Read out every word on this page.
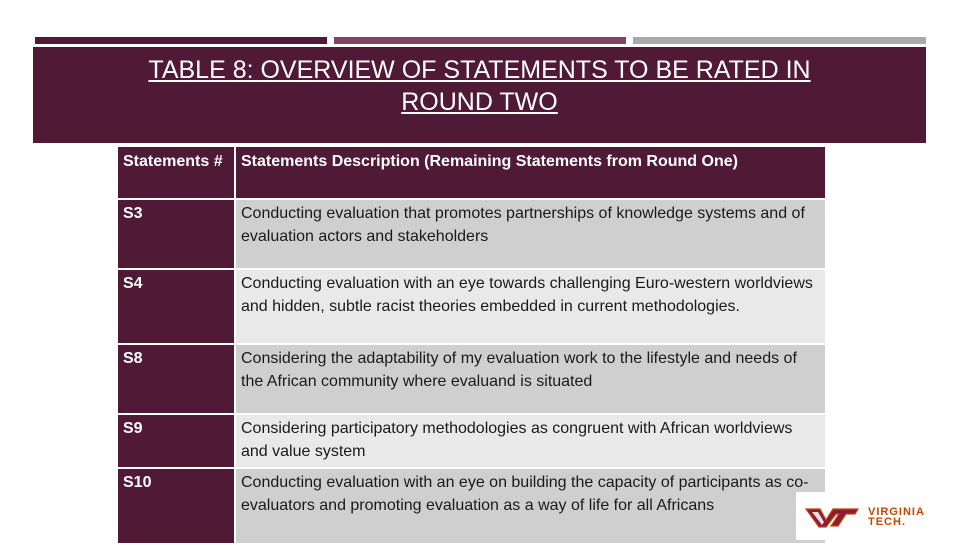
TABLE 8: OVERVIEW OF STATEMENTS TO BE RATED IN
ROUND TWO
Statements #	Statements Description (Remaining Statements from Round One)
S3	Conducting evaluation that promotes partnerships of knowledge systems and of evaluation actors and stakeholders
S4	Conducting evaluation with an eye towards challenging Euro-western worldviews and hidden, subtle racist theories embedded in current methodologies.
S8	Considering the adaptability of my evaluation work to the lifestyle and needs of the African community where evaluand is situated
S9	Considering participatory methodologies as congruent with African worldviews and value system
S10	Conducting evaluation with an eye on building the capacity of participants as co-evaluators and promoting evaluation as a way of life for all Africans	VIRGINIA
TECH.
